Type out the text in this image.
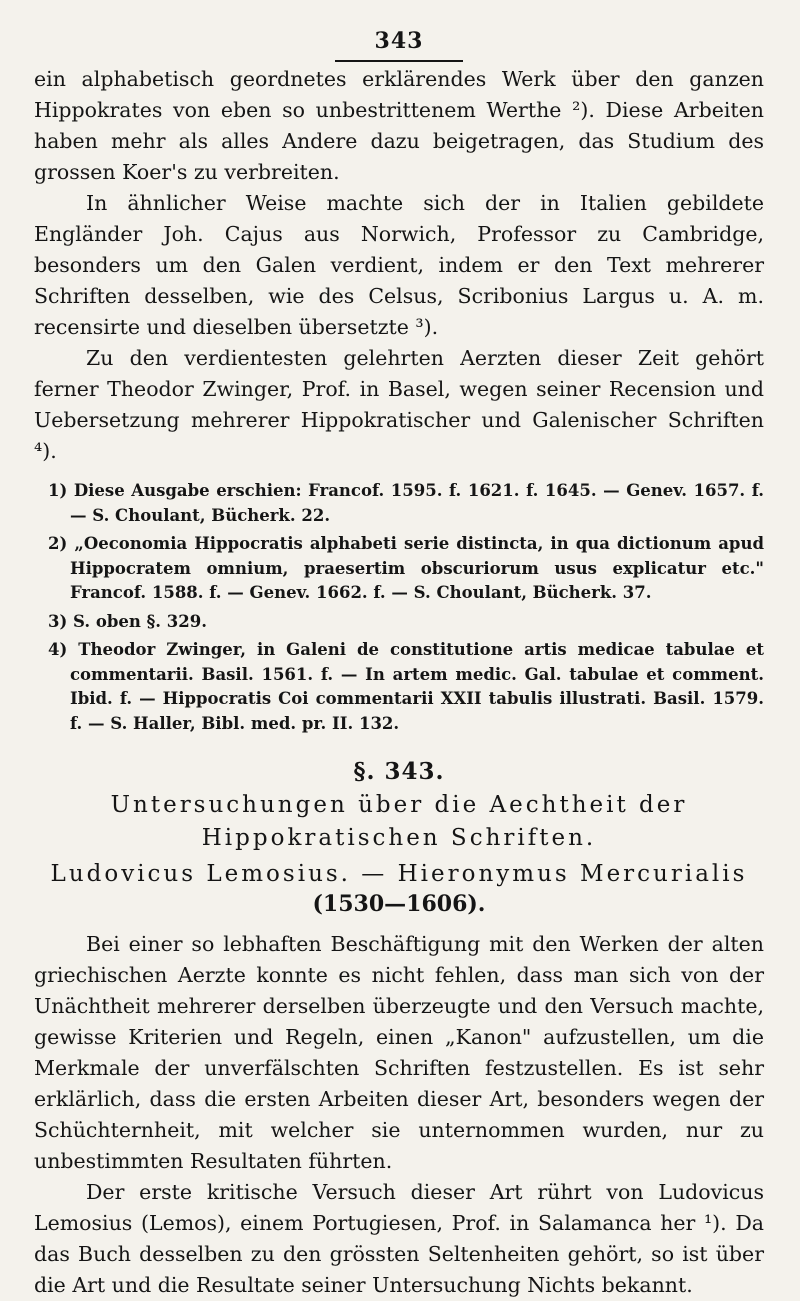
343

ein alphabetisch geordnetes erklärendes Werk über den ganzen Hippokrates von eben so unbestrittenem Werthe ²). Diese Arbeiten haben mehr als alles Andere dazu beigetragen, das Studium des grossen Koer's zu verbreiten.

In ähnlicher Weise machte sich der in Italien gebildete Engländer Joh. Cajus aus Norwich, Professor zu Cambridge, besonders um den Galen verdient, indem er den Text mehrerer Schriften desselben, wie des Celsus, Scribonius Largus u. A. m. recensirte und dieselben übersetzte ³).

Zu den verdientesten gelehrten Aerzten dieser Zeit gehört ferner Theodor Zwinger, Prof. in Basel, wegen seiner Recension und Uebersetzung mehrerer Hippokratischer und Galenischer Schriften ⁴).

1) Diese Ausgabe erschien: Francof. 1595. f. 1621. f. 1645. — Genev. 1657. f. — S. Choulant, Bücherk. 22.

2) „Oeconomia Hippocratis alphabeti serie distincta, in qua dictionum apud Hippocratem omnium, praesertim obscuriorum usus explicatur etc." Francof. 1588. f. — Genev. 1662. f. — S. Choulant, Bücherk. 37.

3) S. oben §. 329.

4) Theodor Zwinger, in Galeni de constitutione artis medicae tabulae et commentarii. Basil. 1561. f. — In artem medic. Gal. tabulae et comment. Ibid. f. — Hippocratis Coi commentarii XXII tabulis illustrati. Basil. 1579. f. — S. Haller, Bibl. med. pr. II. 132.

§. 343.

Untersuchungen über die Aechtheit der Hippokratischen Schriften.

Ludovicus Lemosius. — Hieronymus Mercurialis

(1530—1606).

Bei einer so lebhaften Beschäftigung mit den Werken der alten griechischen Aerzte konnte es nicht fehlen, dass man sich von der Unächtheit mehrerer derselben überzeugte und den Versuch machte, gewisse Kriterien und Regeln, einen „Kanon" aufzustellen, um die Merkmale der unverfälschten Schriften festzustellen. Es ist sehr erklärlich, dass die ersten Arbeiten dieser Art, besonders wegen der Schüchternheit, mit welcher sie unternommen wurden, nur zu unbestimmten Resultaten führten.

Der erste kritische Versuch dieser Art rührt von Ludovicus Lemosius (Lemos), einem Portugiesen, Prof. in Salamanca her ¹). Da das Buch desselben zu den grössten Seltenheiten gehört, so ist über die Art und die Resultate seiner Untersuchung Nichts bekannt.
